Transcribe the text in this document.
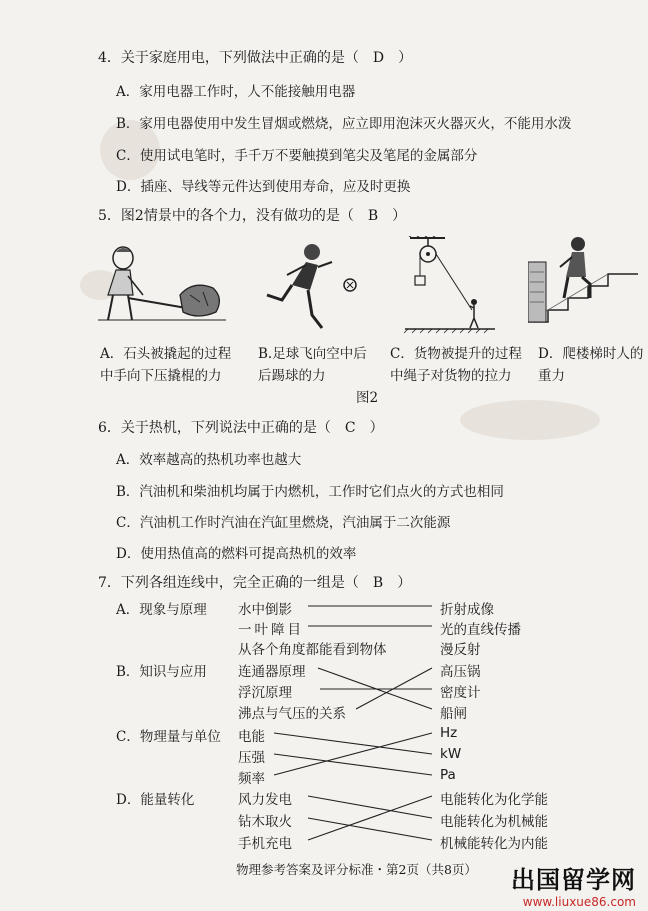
4．关于家庭用电，下列做法中正确的是（　D　）
A．家用电器工作时，人不能接触用电器
B．家用电器使用中发生冒烟或燃烧，应立即用泡沫灭火器灭火，不能用水泼
C．使用试电笔时，手千万不要触摸到笔尖及笔尾的金属部分
D．插座、导线等元件达到使用寿命，应及时更换
5．图2情景中的各个力，没有做功的是（　B　）
A．石头被撬起的过程
中手向下压撬棍的力
B.足球飞向空中后
后踢球的力
C．货物被提升的过程
中绳子对货物的拉力
D．爬楼梯时人的
重力
图2
6．关于热机，下列说法中正确的是（　C　）
A．效率越高的热机功率也越大
B．汽油机和柴油机均属于内燃机，工作时它们点火的方式也相同
C．汽油机工作时汽油在汽缸里燃烧，汽油属于二次能源
D．使用热值高的燃料可提高热机的效率
7．下列各组连线中，完全正确的一组是（　B　）
A．现象与原理 水中倒影
一叶障目
从各个角度都能看到物体
折射成像
光的直线传播
漫反射
B．知识与应用 连通器原理
浮沉原理
沸点与气压的关系
高压锅
密度计
船闸
C．物理量与单位 电能
压强
频率
Hz
kW
Pa
D．能量转化	风力发电
钻木取火
手机充电
电能转化为化学能
电能转化为机械能
机械能转化为内能
物理参考答案及评分标准・第2页（共8页） 出国留学网
www.liuxue86.com
